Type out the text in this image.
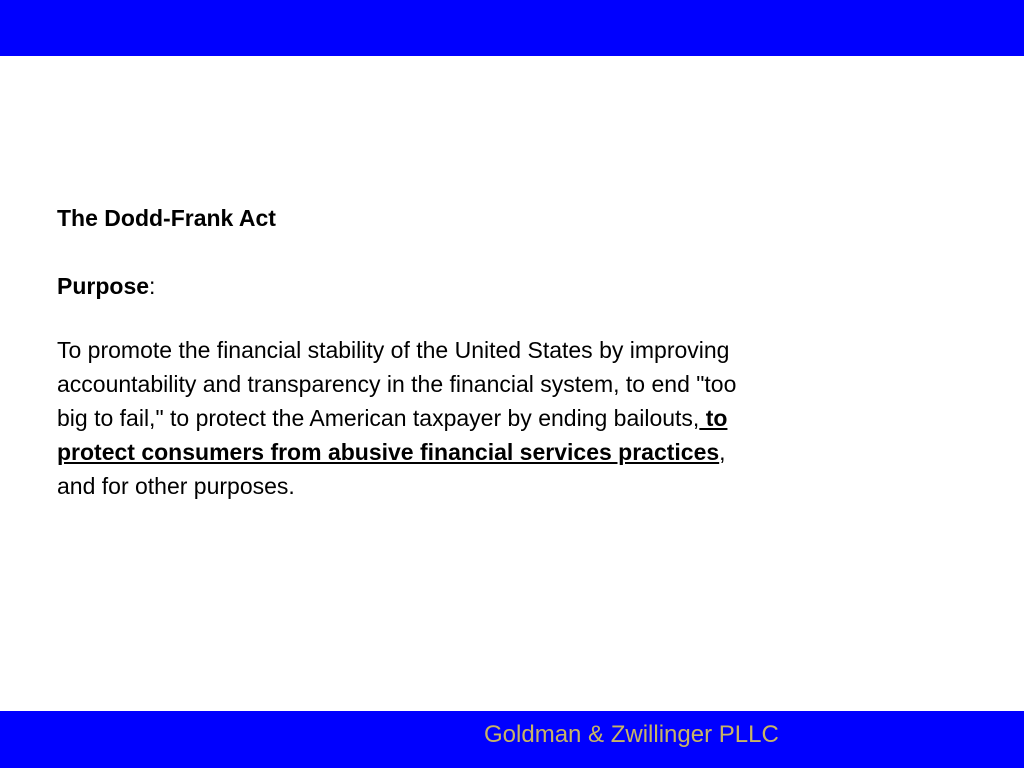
The Dodd-Frank Act

Purpose:

To promote the financial stability of the United States by improving accountability and transparency in the financial system, to end "too big to fail," to protect the American taxpayer by ending bailouts, to protect consumers from abusive financial services practices, and for other purposes.

Goldman & Zwillinger PLLC
